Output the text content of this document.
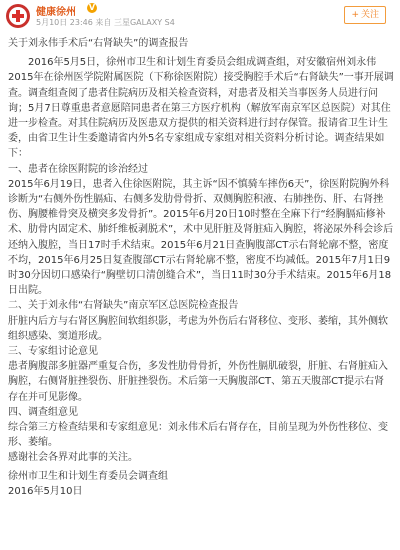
健康徐州 V
5月10日 23:46 来自 三星GALAXY S4
+ 关注

关于刘永伟手术后“右肾缺失”的调查报告

2016年5月5日，徐州市卫生和计划生育委员会组成调查组，对安徽宿州刘永伟2015年在徐州医学院附属医院（下称徐医附院）接受胸腔手术后“右肾缺失”一事开展调查。调查组查阅了患者住院病历及相关检查资料，对患者及相关当事医务人员进行问询；5月7日尊重患者意愿陪同患者在第三方医疗机构（解放军南京军区总医院）对其住进一步检查。对其住院病历及医患双方提供的相关资料进行封存保管。报请省卫生计生委，由省卫生计生委邀请省内外5名专家组成专家组对相关资料分析讨论。调查结果如下：

一、患者在徐医附院的诊治经过

2015年6月19日，患者入住徐医附院，其主诉“因不慎骑车摔伤6天”，徐医附院胸外科诊断为“右侧外伤性膈疝、右侧多发肋骨骨折、双侧胸腔积液、右肺挫伤、肝、右肾挫伤、胸腰椎骨突及横突多发骨折”。2015年6月20日10时整在全麻下行“经胸膈疝修补术、肋骨内固定术、肺纤维板剥脱术”，术中见肝脏及肾脏疝入胸腔，将泌尿外科会诊后还纳入腹腔，当日17时手术结束。2015年6月21日查胸腹部CT示右肾轮廓不整，密度不均，2015年6月25日复查腹部CT示右肾轮廓不整，密度不均减低。2015年7月1日9时30分因切口感染行“胸壁切口清创缝合术”，当日11时30分手术结束。2015年6月18日出院。

二、关于刘永伟“右肾缺失”南京军区总医院检查报告

肝脏内后方与右肾区胸腔间软组织影，考虑为外伤后右肾移位、变形、萎缩，其外侧软组织感染、窦道形成。

三、专家组讨论意见

患者胸腹部多脏器严重复合伤，多发性肋骨骨折，外伤性膈肌破裂，肝脏、右肾脏疝入胸腔，右侧肾脏挫裂伤、肝脏挫裂伤。术后第一天胸腹部CT、第五天腹部CT提示右肾存在并可见影像。

四、调查组意见

综合第三方检查结果和专家组意见：刘永伟术后右肾存在，目前呈现为外伤性移位、变形、萎缩。

感谢社会各界对此事的关注。

徐州市卫生和计划生育委员会调查组

2016年5月10日
